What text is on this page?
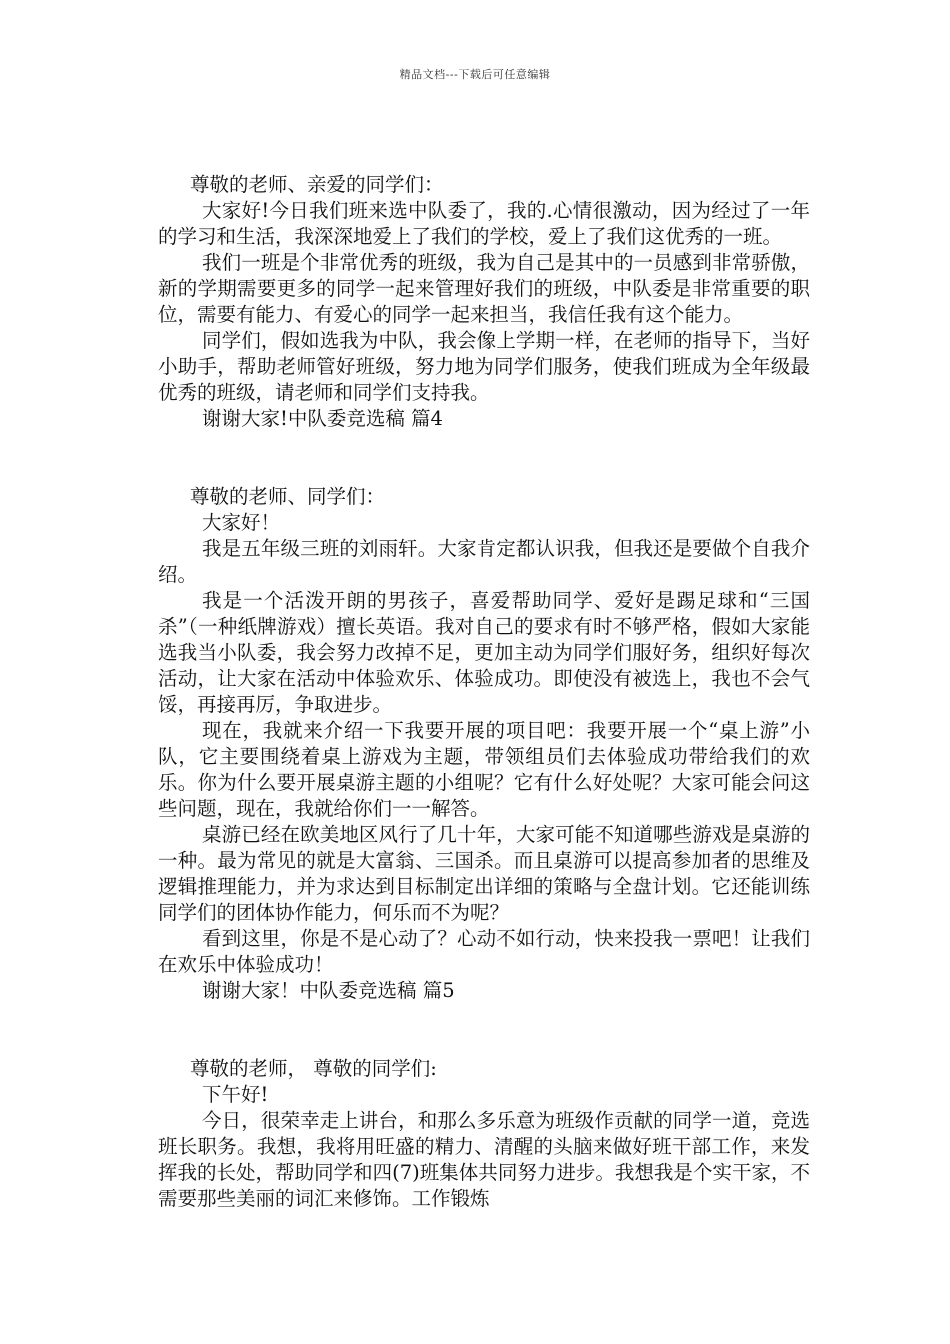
精品文档---下载后可任意编辑

尊敬的老师、亲爱的同学们：

大家好!今日我们班来选中队委了，我的.心情很激动，因为经过了一年的学习和生活，我深深地爱上了我们的学校，爱上了我们这优秀的一班。

我们一班是个非常优秀的班级，我为自己是其中的一员感到非常骄傲，新的学期需要更多的同学一起来管理好我们的班级，中队委是非常重要的职位，需要有能力、有爱心的同学一起来担当，我信任我有这个能力。

同学们，假如选我为中队，我会像上学期一样，在老师的指导下，当好小助手，帮助老师管好班级，努力地为同学们服务，使我们班成为全年级最优秀的班级，请老师和同学们支持我。

谢谢大家!中队委竞选稿 篇4

尊敬的老师、同学们：

大家好！

我是五年级三班的刘雨轩。大家肯定都认识我，但我还是要做个自我介绍。

我是一个活泼开朗的男孩子，喜爱帮助同学、爱好是踢足球和“三国杀”（一种纸牌游戏）擅长英语。我对自己的要求有时不够严格，假如大家能选我当小队委，我会努力改掉不足，更加主动为同学们服好务，组织好每次活动，让大家在活动中体验欢乐、体验成功。即使没有被选上，我也不会气馁，再接再厉，争取进步。

现在，我就来介绍一下我要开展的项目吧：我要开展一个“桌上游”小队，它主要围绕着桌上游戏为主题，带领组员们去体验成功带给我们的欢乐。你为什么要开展桌游主题的小组呢？它有什么好处呢？大家可能会问这些问题，现在，我就给你们一一解答。

桌游已经在欧美地区风行了几十年，大家可能不知道哪些游戏是桌游的一种。最为常见的就是大富翁、三国杀。而且桌游可以提高参加者的思维及逻辑推理能力，并为求达到目标制定出详细的策略与全盘计划。它还能训练同学们的团体协作能力，何乐而不为呢？

看到这里，你是不是心动了？心动不如行动，快来投我一票吧！让我们在欢乐中体验成功！

谢谢大家！中队委竞选稿 篇5

尊敬的老师， 尊敬的同学们:

下午好!

今日，很荣幸走上讲台，和那么多乐意为班级作贡献的同学一道，竞选班长职务。我想，我将用旺盛的精力、清醒的头脑来做好班干部工作，来发挥我的长处，帮助同学和四(7)班集体共同努力进步。我想我是个实干家，不需要那些美丽的词汇来修饰。工作锻炼
